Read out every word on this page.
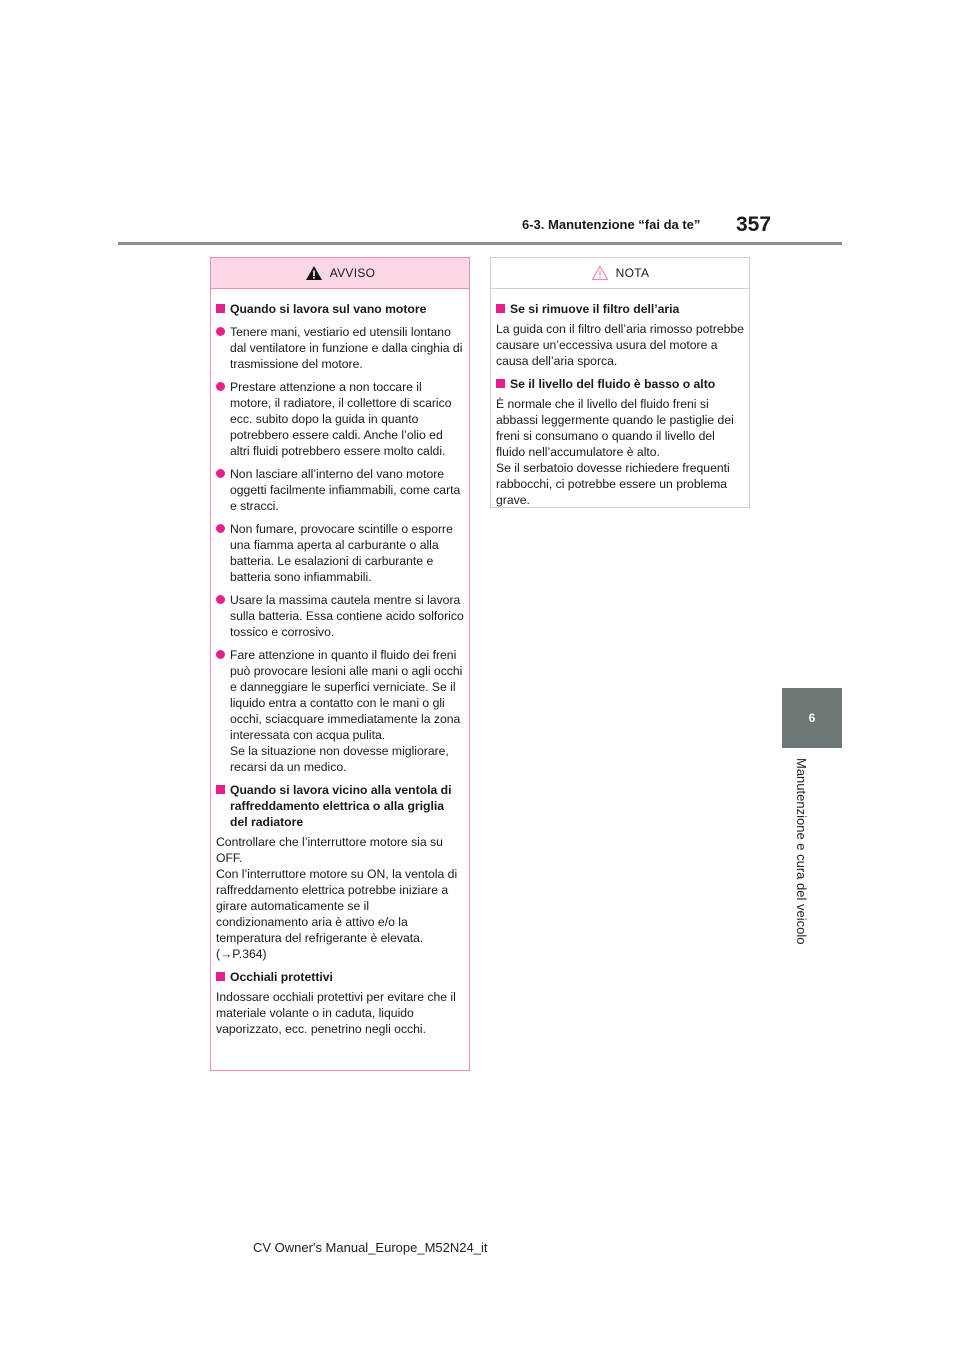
6-3. Manutenzione “fai da te” 357
6
Manutenzione e cura del veicolo
AVVISO
Quando si lavora sul vano motore
Tenere mani, vestiario ed utensili lontano dal ventilatore in funzione e dalla cinghia di trasmissione del motore.
Prestare attenzione a non toccare il motore, il radiatore, il collettore di scarico ecc. subito dopo la guida in quanto potrebbero essere caldi. Anche l’olio ed altri fluidi potrebbero essere molto caldi.
Non lasciare all’interno del vano motore oggetti facilmente infiammabili, come carta e stracci.
Non fumare, provocare scintille o esporre una fiamma aperta al carburante o alla batteria. Le esalazioni di carburante e batteria sono infiammabili.
Usare la massima cautela mentre si lavora sulla batteria. Essa contiene acido solforico tossico e corrosivo.
Fare attenzione in quanto il fluido dei freni può provocare lesioni alle mani o agli occhi e danneggiare le superfici verniciate. Se il liquido entra a contatto con le mani o gli occhi, sciacquare immediatamente la zona interessata con acqua pulita.
Se la situazione non dovesse migliorare, recarsi da un medico.
Quando si lavora vicino alla ventola di raffreddamento elettrica o alla griglia del radiatore
Controllare che l’interruttore motore sia su OFF.
Con l’interruttore motore su ON, la ventola di raffreddamento elettrica potrebbe iniziare a girare automaticamente se il condizionamento aria è attivo e/o la temperatura del refrigerante è elevata. (→P.364)
Occhiali protettivi
Indossare occhiali protettivi per evitare che il materiale volante o in caduta, liquido vaporizzato, ecc. penetrino negli occhi.
NOTA
Se si rimuove il filtro dell’aria
La guida con il filtro dell’aria rimosso potrebbe causare un’eccessiva usura del motore a causa dell’aria sporca.
Se il livello del fluido è basso o alto
È normale che il livello del fluido freni si abbassi leggermente quando le pastiglie dei freni si consumano o quando il livello del fluido nell’accumulatore è alto.
Se il serbatoio dovesse richiedere frequenti rabbocchi, ci potrebbe essere un problema grave.
CV Owner's Manual_Europe_M52N24_it
